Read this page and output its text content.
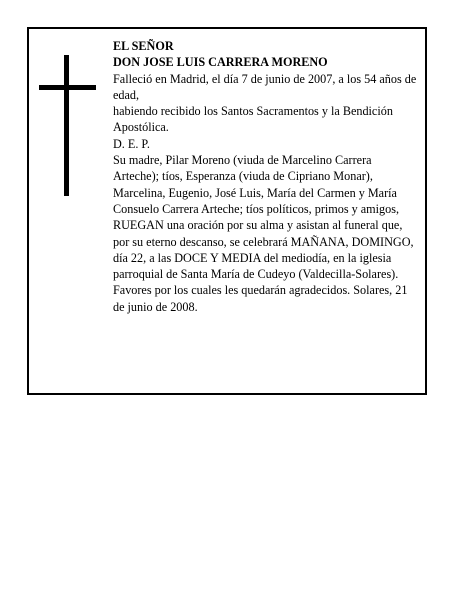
EL SEÑOR

DON JOSE LUIS CARRERA MORENO

Falleció en Madrid, el día 7 de junio de 2007, a los 54 años de edad,

habiendo recibido los Santos Sacramentos y la Bendición Apostólica.

D. E. P.

Su madre, Pilar Moreno (viuda de Marcelino Carrera Arteche); tíos, Esperanza (viuda de Cipriano Monar), Marcelina, Eugenio, José Luis, María del Carmen y María Consuelo Carrera Arteche; tíos políticos, primos y amigos,

RUEGAN una oración por su alma y asistan al funeral que, por su eterno descanso, se celebrará MAÑANA, DOMINGO, día 22, a las DOCE Y MEDIA del mediodía, en la iglesia parroquial de Santa María de Cudeyo (Valdecilla-Solares). Favores por los cuales les quedarán agradecidos. Solares, 21 de junio de 2008.
